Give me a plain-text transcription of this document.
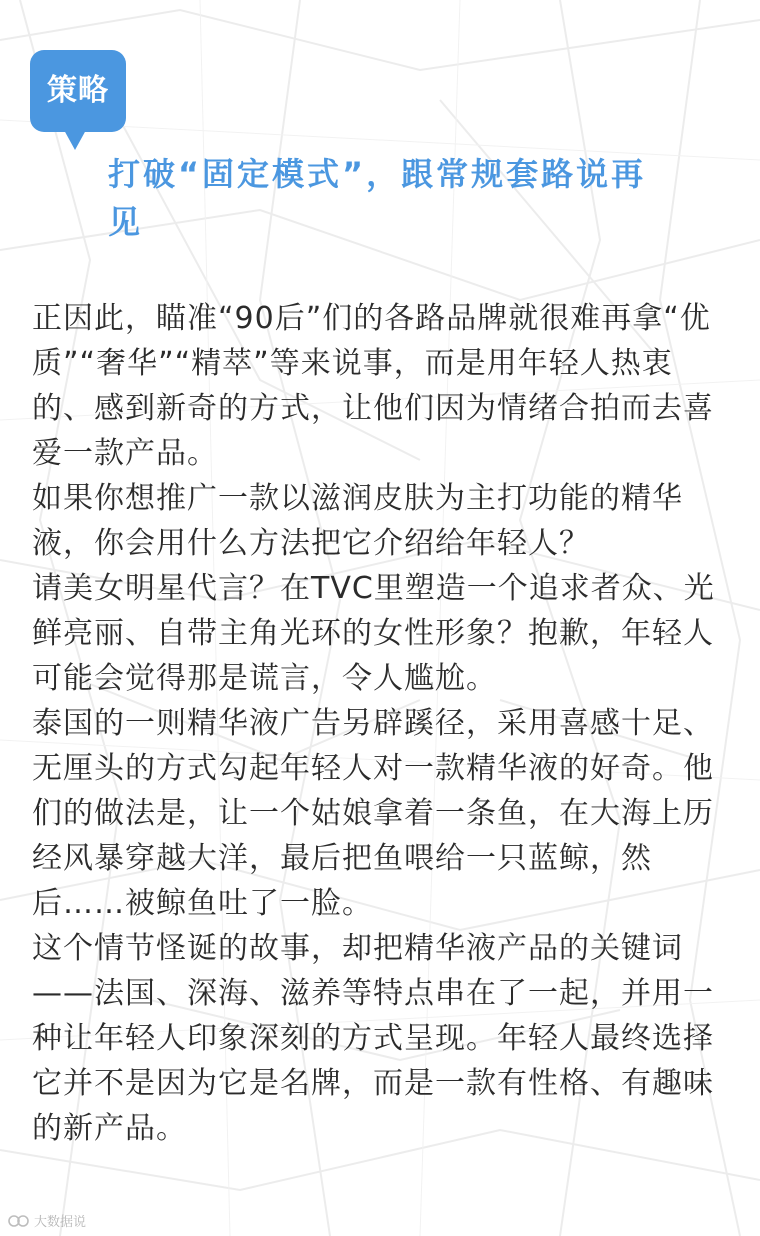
策略
打破“固定模式”，跟常规套路说再见

正因此，瞄准“90后”们的各路品牌就很难再拿“优质”“奢华”“精萃”等来说事，而是用年轻人热衷的、感到新奇的方式，让他们因为情绪合拍而去喜爱一款产品。

如果你想推广一款以滋润皮肤为主打功能的精华液，你会用什么方法把它介绍给年轻人？

请美女明星代言？在TVC里塑造一个追求者众、光鲜亮丽、自带主角光环的女性形象？抱歉，年轻人可能会觉得那是谎言，令人尴尬。

泰国的一则精华液广告另辟蹊径，采用喜感十足、无厘头的方式勾起年轻人对一款精华液的好奇。他们的做法是，让一个姑娘拿着一条鱼，在大海上历经风暴穿越大洋，最后把鱼喂给一只蓝鲸，然后……被鲸鱼吐了一脸。

这个情节怪诞的故事，却把精华液产品的关键词——法国、深海、滋养等特点串在了一起，并用一种让年轻人印象深刻的方式呈现。年轻人最终选择它并不是因为它是名牌，而是一款有性格、有趣味的新产品。

大数据说
